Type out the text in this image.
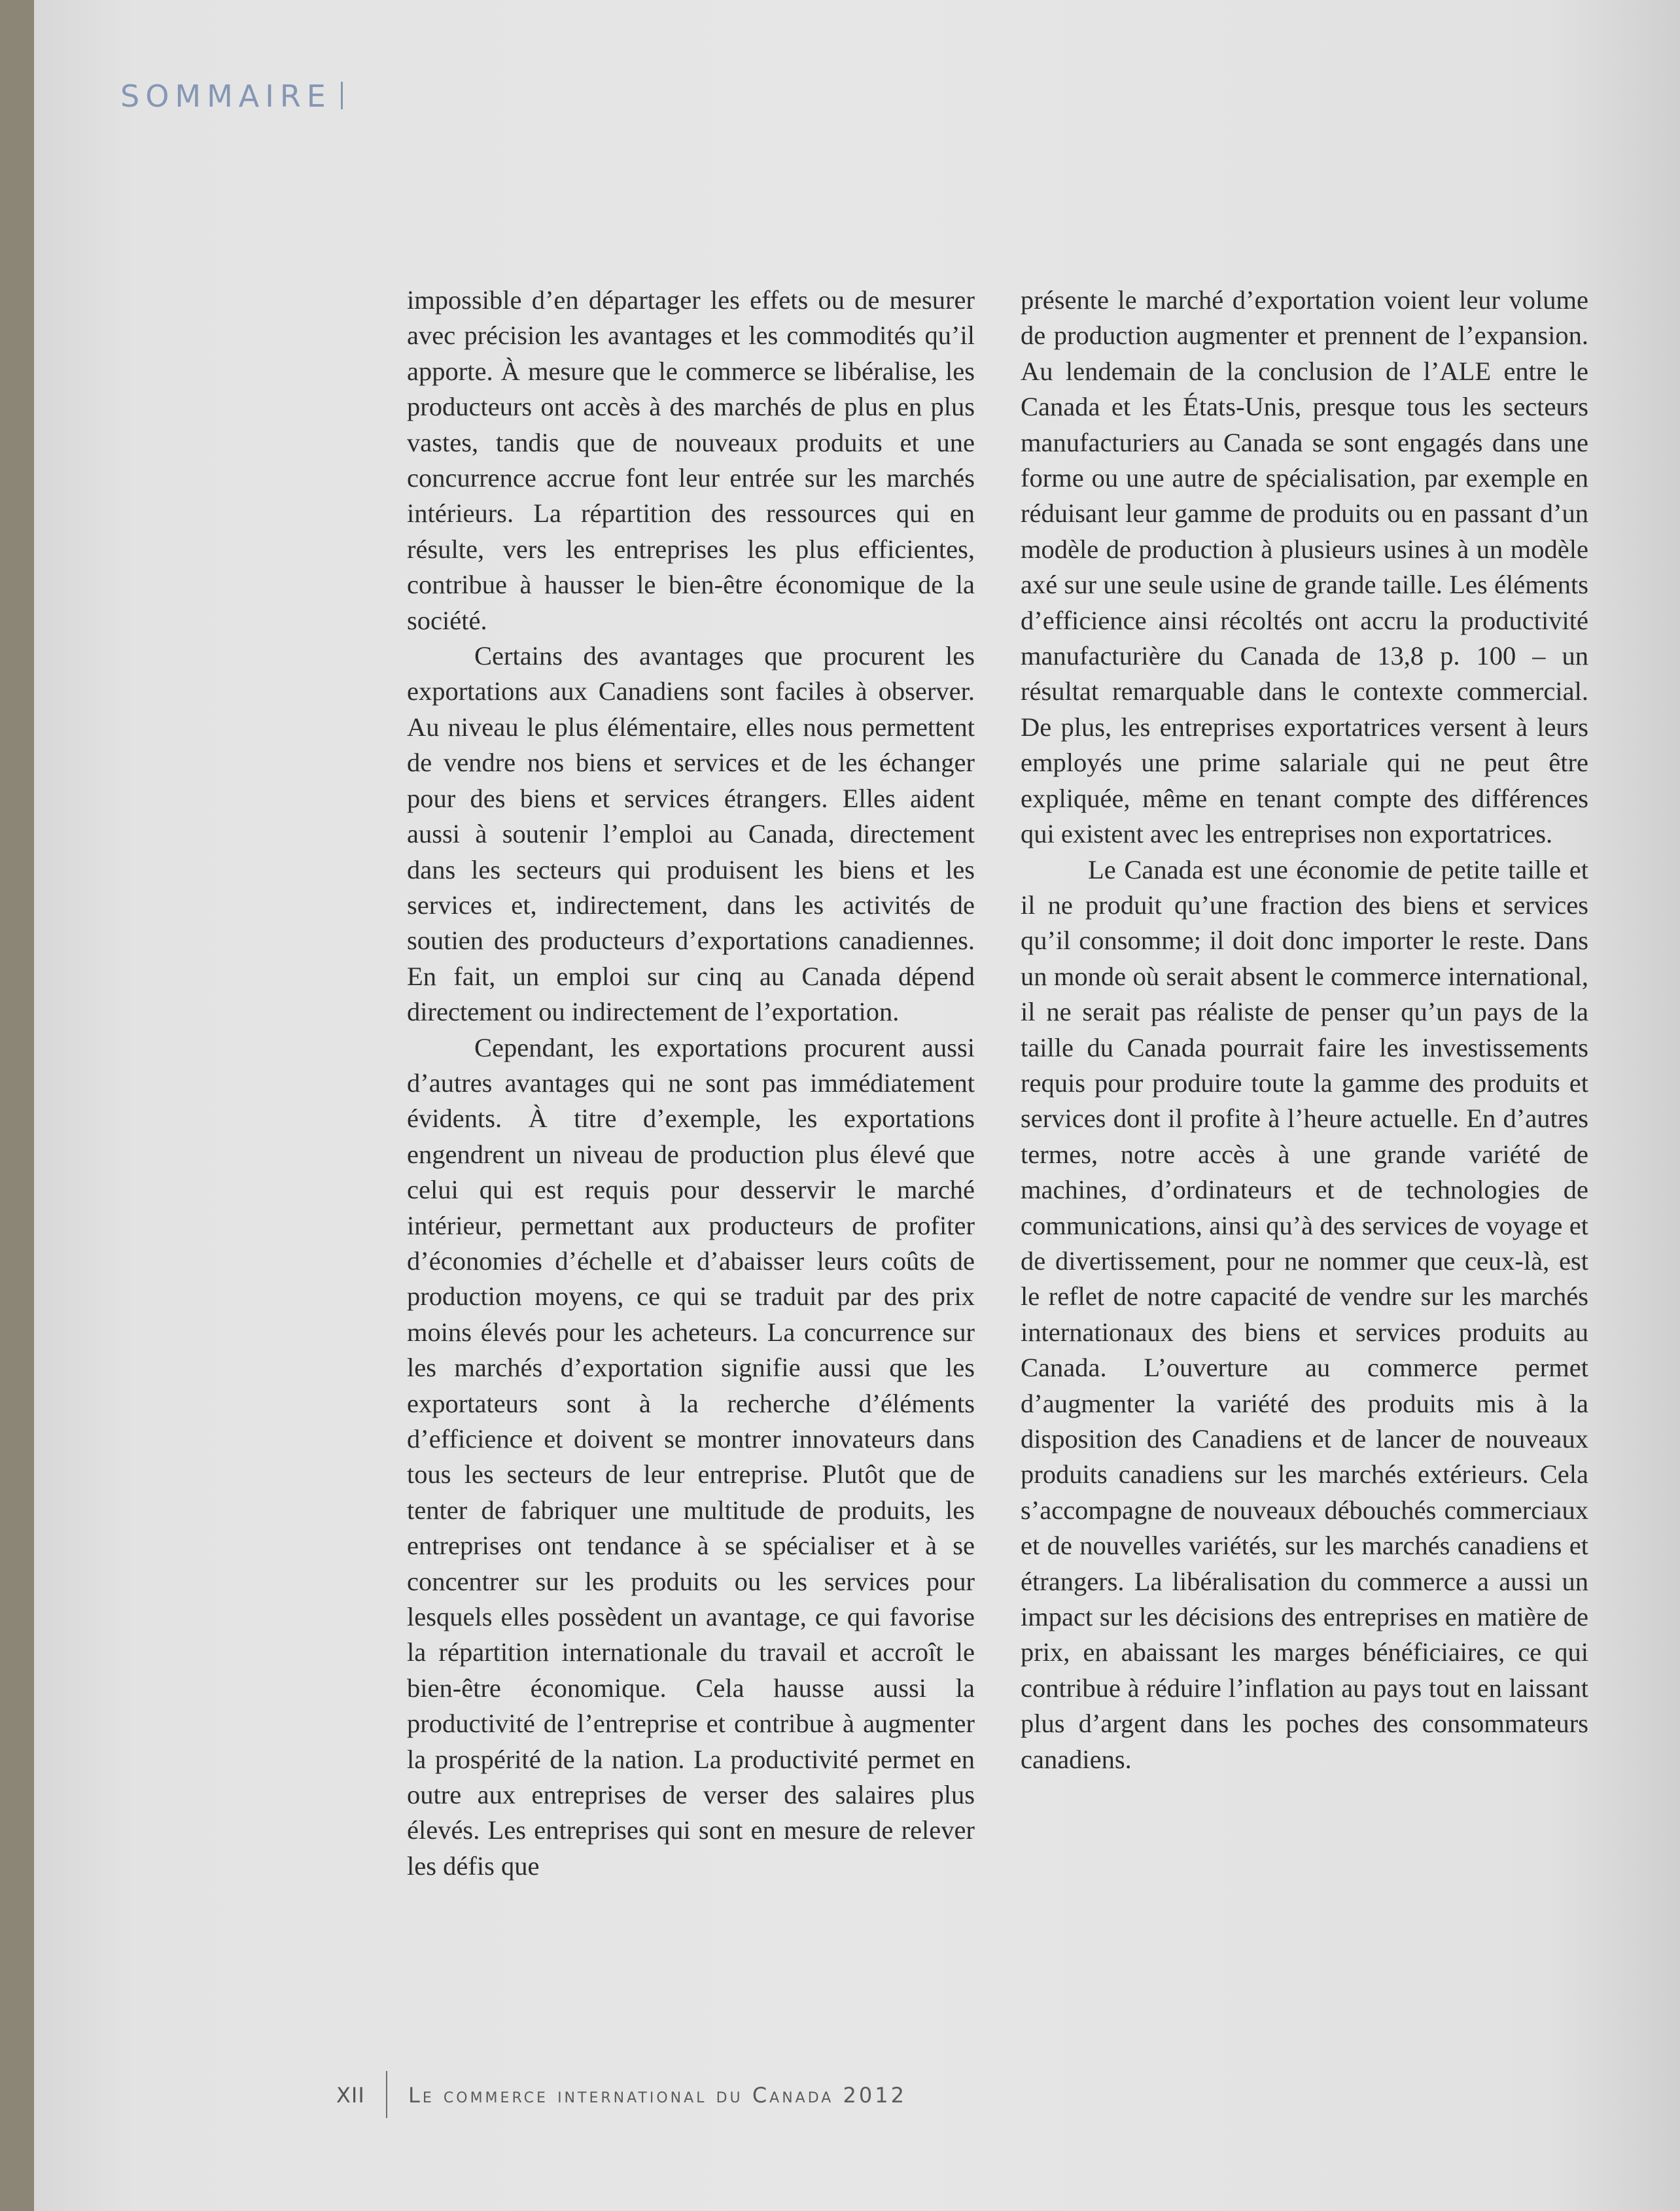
SOMMAIRE

impossible d’en départager les effets ou de mesurer avec précision les avantages et les commodités qu’il apporte. À mesure que le commerce se libéralise, les producteurs ont accès à des marchés de plus en plus vastes, tandis que de nouveaux produits et une concurrence accrue font leur entrée sur les marchés intérieurs. La répartition des ressources qui en résulte, vers les entreprises les plus efficientes, contribue à hausser le bien-être économique de la société.

Certains des avantages que procurent les exportations aux Canadiens sont faciles à observer. Au niveau le plus élémentaire, elles nous permettent de vendre nos biens et services et de les échanger pour des biens et services étrangers. Elles aident aussi à soutenir l’emploi au Canada, directement dans les secteurs qui produisent les biens et les services et, indirectement, dans les activités de soutien des producteurs d’exportations canadiennes. En fait, un emploi sur cinq au Canada dépend directement ou indirectement de l’exportation.

Cependant, les exportations procurent aussi d’autres avantages qui ne sont pas immédiatement évidents. À titre d’exemple, les exportations engendrent un niveau de production plus élevé que celui qui est requis pour desservir le marché intérieur, permettant aux producteurs de profiter d’économies d’échelle et d’abaisser leurs coûts de production moyens, ce qui se traduit par des prix moins élevés pour les acheteurs. La concurrence sur les marchés d’exportation signifie aussi que les exportateurs sont à la recherche d’éléments d’efficience et doivent se montrer innovateurs dans tous les secteurs de leur entreprise. Plutôt que de tenter de fabriquer une multitude de produits, les entreprises ont tendance à se spécialiser et à se concentrer sur les produits ou les services pour lesquels elles possèdent un avantage, ce qui favorise la répartition internationale du travail et accroît le bien-être économique. Cela hausse aussi la productivité de l’entreprise et contribue à augmenter la prospérité de la nation. La productivité permet en outre aux entreprises de verser des salaires plus élevés. Les entreprises qui sont en mesure de relever les défis que

présente le marché d’exportation voient leur volume de production augmenter et prennent de l’expansion. Au lendemain de la conclusion de l’ALE entre le Canada et les États-Unis, presque tous les secteurs manufacturiers au Canada se sont engagés dans une forme ou une autre de spécialisation, par exemple en réduisant leur gamme de produits ou en passant d’un modèle de production à plusieurs usines à un modèle axé sur une seule usine de grande taille. Les éléments d’efficience ainsi récoltés ont accru la productivité manufacturière du Canada de 13,8 p. 100 – un résultat remarquable dans le contexte commercial. De plus, les entreprises exportatrices versent à leurs employés une prime salariale qui ne peut être expliquée, même en tenant compte des différences qui existent avec les entreprises non exportatrices.

Le Canada est une économie de petite taille et il ne produit qu’une fraction des biens et services qu’il consomme; il doit donc importer le reste. Dans un monde où serait absent le commerce international, il ne serait pas réaliste de penser qu’un pays de la taille du Canada pourrait faire les investissements requis pour produire toute la gamme des produits et services dont il profite à l’heure actuelle. En d’autres termes, notre accès à une grande variété de machines, d’ordinateurs et de technologies de communications, ainsi qu’à des services de voyage et de divertissement, pour ne nommer que ceux-là, est le reflet de notre capacité de vendre sur les marchés internationaux des biens et services produits au Canada. L’ouverture au commerce permet d’augmenter la variété des produits mis à la disposition des Canadiens et de lancer de nouveaux produits canadiens sur les marchés extérieurs. Cela s’accompagne de nouveaux débouchés commerciaux et de nouvelles variétés, sur les marchés canadiens et étrangers. La libéralisation du commerce a aussi un impact sur les décisions des entreprises en matière de prix, en abaissant les marges bénéficiaires, ce qui contribue à réduire l’inflation au pays tout en laissant plus d’argent dans les poches des consommateurs canadiens.

XII Le commerce international du Canada 2012
